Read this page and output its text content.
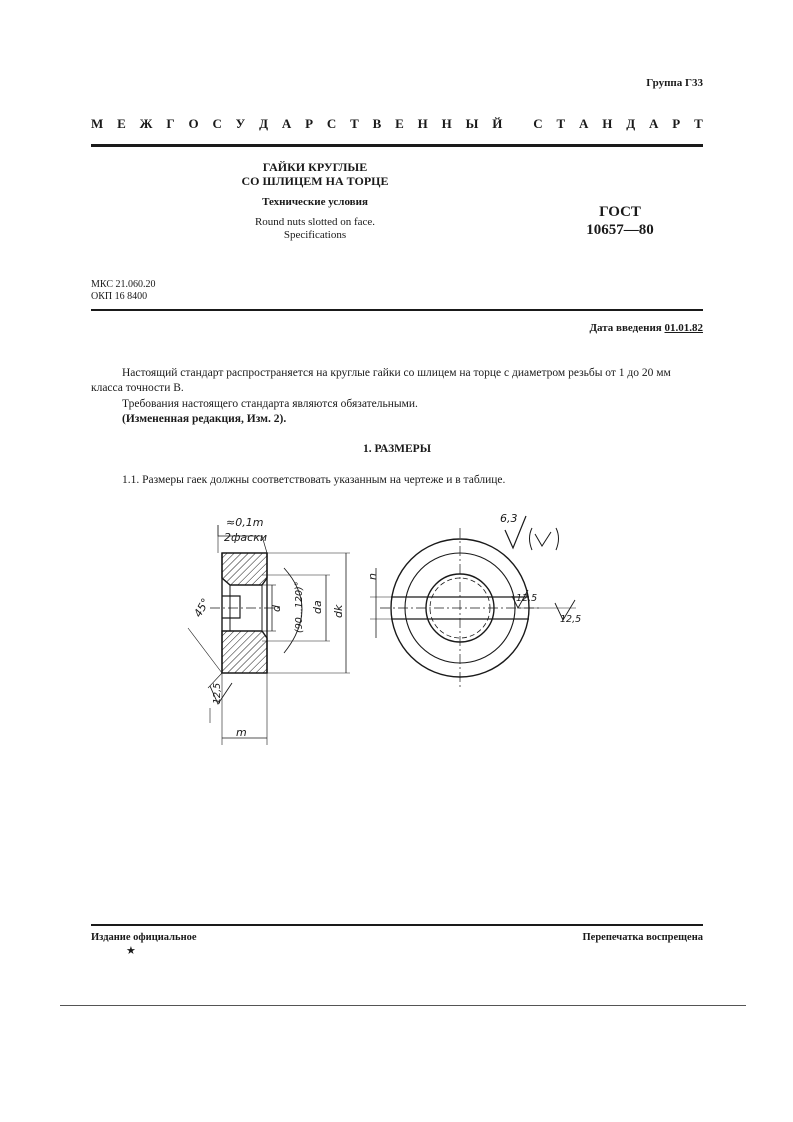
Группа Г33
М Е Ж Г О С У Д А Р С Т В Е Н Н Ы Й
С Т А Н Д А Р Т
ГАЙКИ КРУГЛЫЕ
СО ШЛИЦЕМ НА ТОРЦЕ
Технические условия
Round nuts slotted on face.
Specifications
ГОСТ
10657—80
МКС 21.060.20
ОКП 16 8400
Дата введения 01.01.82
Настоящий стандарт распространяется на круглые гайки со шлицем на торце с диаметром резьбы от 1 до 20 мм класса точности В.
Требования настоящего стандарта являются обязательными.
(Измененная редакция, Изм. 2).
1. РАЗМЕРЫ
1.1. Размеры гаек должны соответствовать указанным на чертеже и в таблице.
≈0,1m
2фаски
45°	d (90...120)° da dk
m
12,5
n
12,5
12,5
6,3
Издание официальное	Перепечатка воспрещена
★
